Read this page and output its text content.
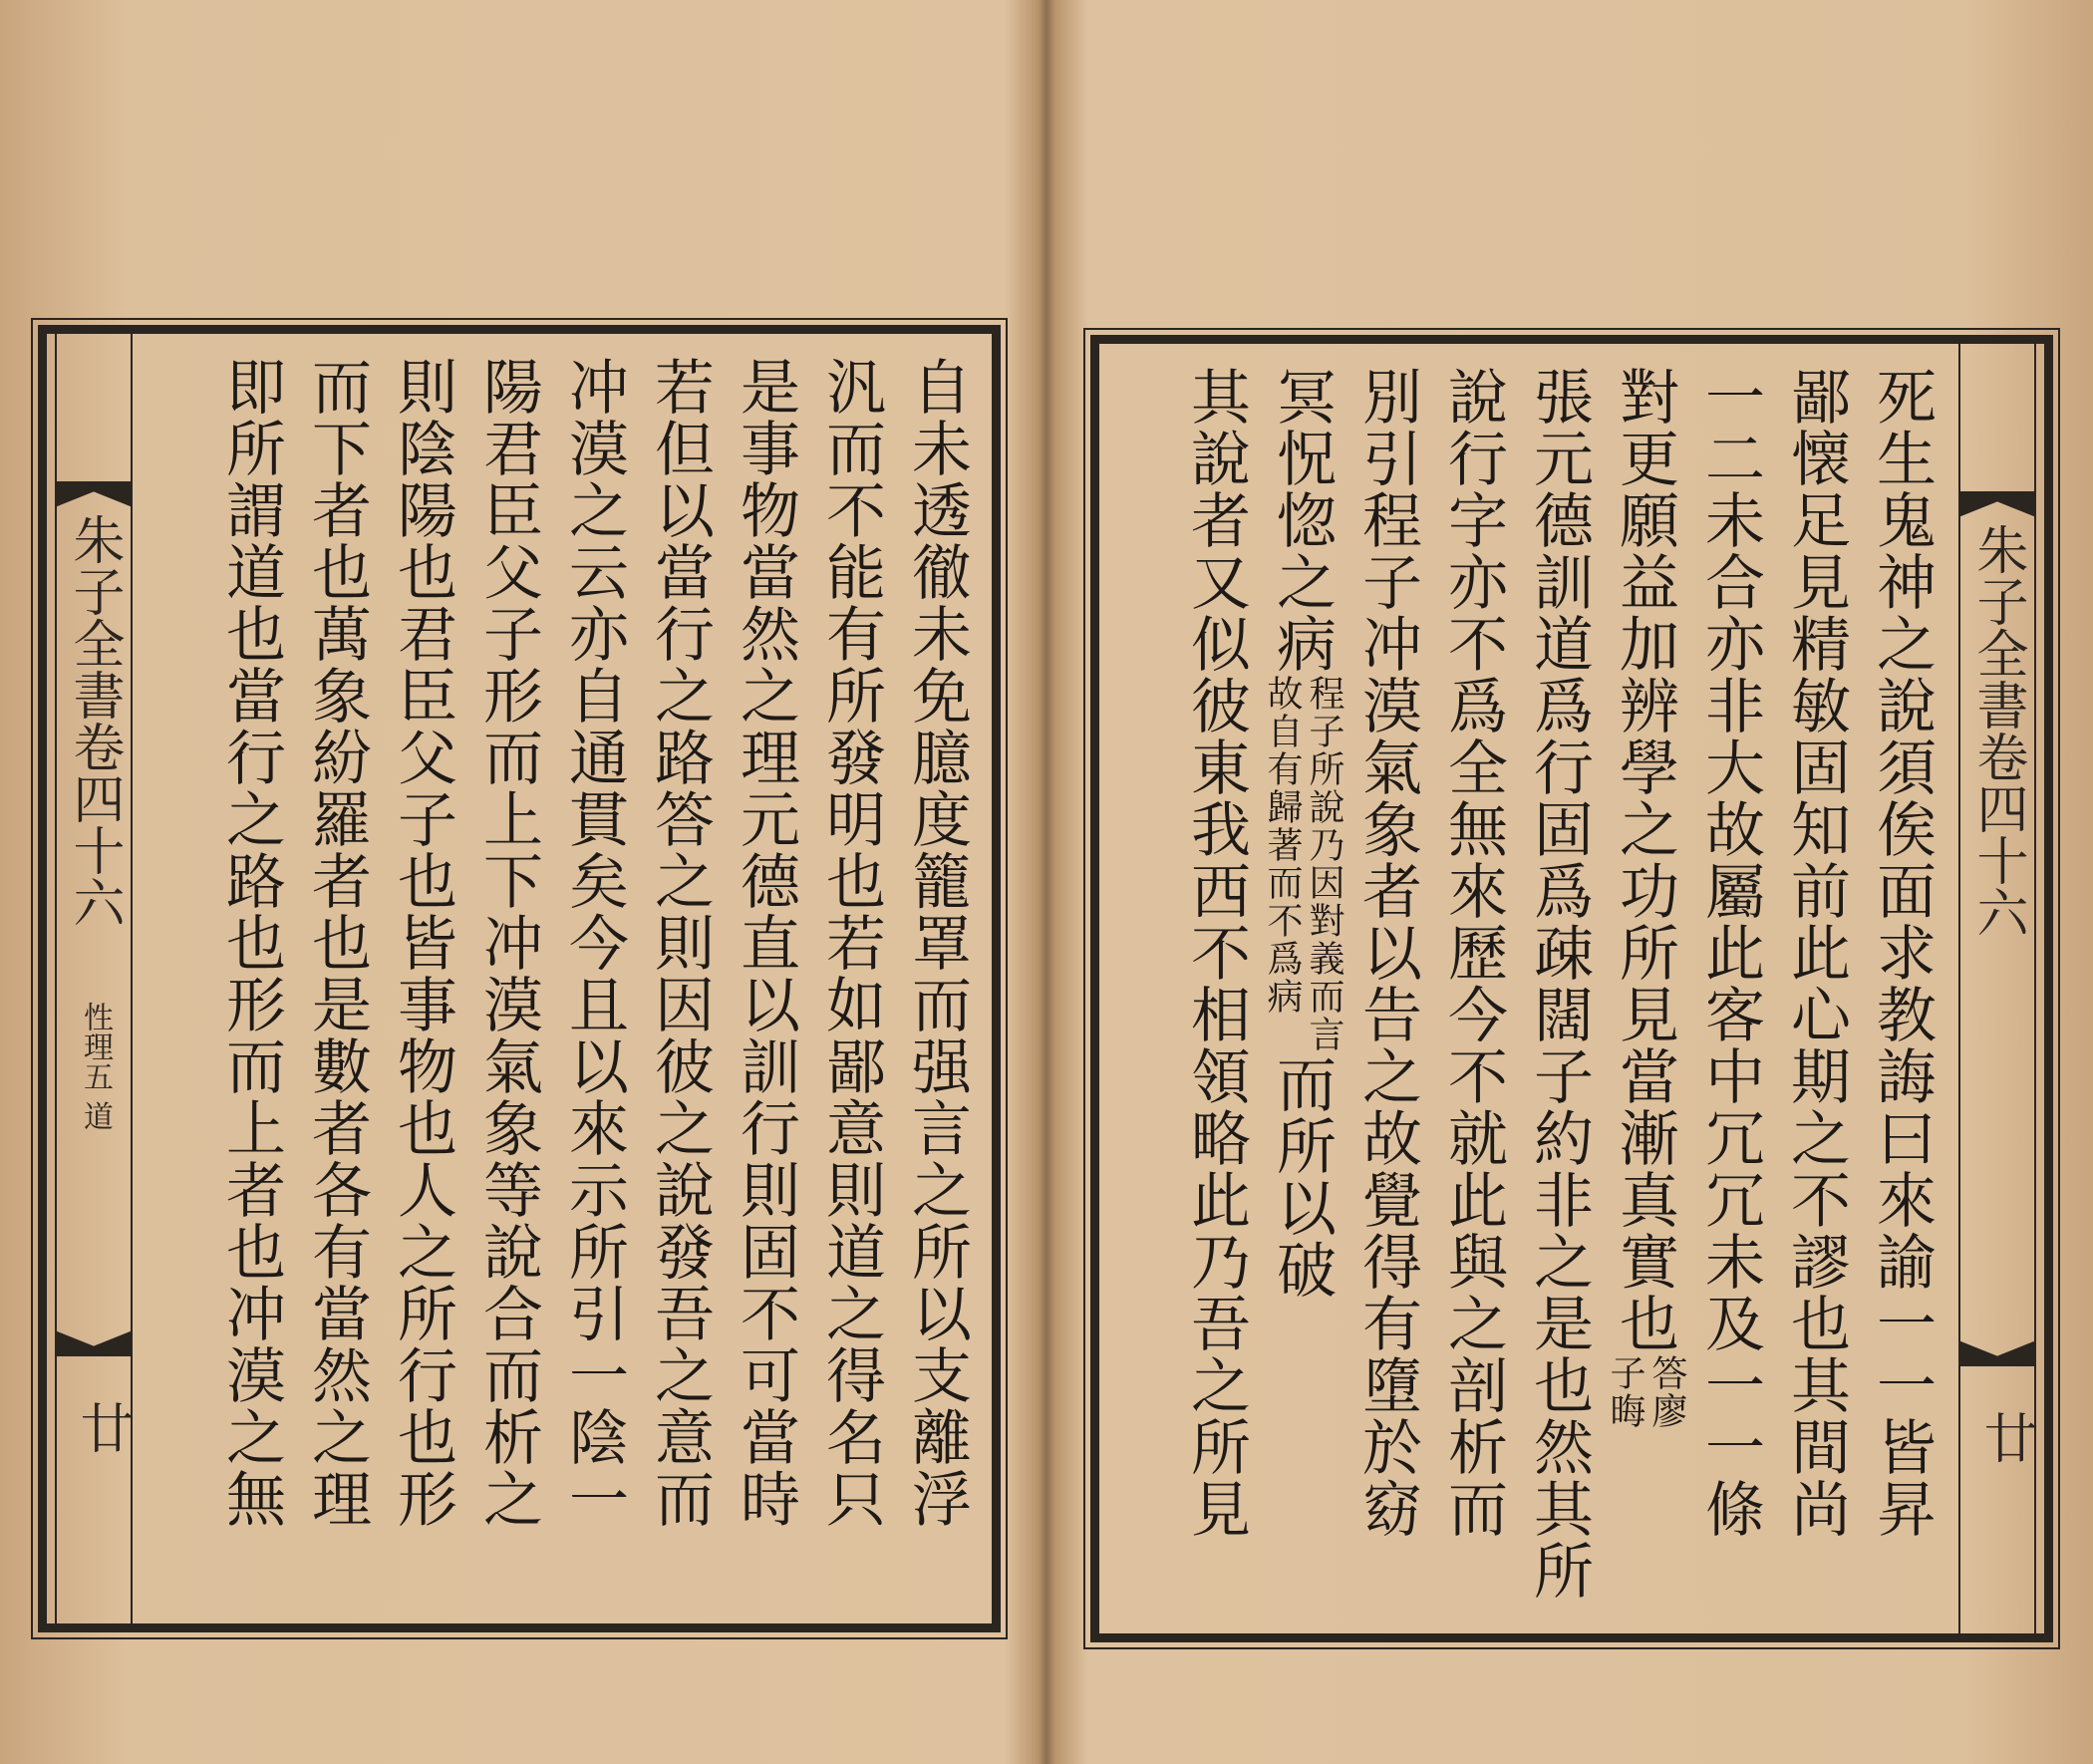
朱子全書卷四十六
性理五 道
廿	自未透徹未免臆度籠罩而强言之所以支離浮
汎而不能有所發明也若如鄙意則道之得名只
是事物當然之理元德直以訓行則固不可當時
若但以當行之路答之則因彼之說發吾之意而
冲漠之云亦自通貫矣今且以來示所引一陰一
陽君臣父子形而上下冲漠氣象等說合而析之
則陰陽也君臣父子也皆事物也人之所行也形
而下者也萬象紛羅者也是數者各有當然之理
即所謂道也當行之路也形而上者也冲漠之無	朱子全書卷四十六
廿
死生鬼神之說須俟面求教誨曰來諭一一皆昇
鄙懐足見精敏固知前此心期之不謬也其間尚
一二未合亦非大故屬此客中冗冗未及一一條
對更願益加辨學之功所見當漸真實也
答廖
子晦
張元德訓道爲行固爲疎闊子約非之是也然其所
說行字亦不爲全無來歷今不就此與之剖析而
別引程子冲漠氣象者以告之故覺得有墮於窈
冥怳惚之病
程子所說乃因對義而言
故自有歸著而不爲病
而所以破
其說者又似彼東我西不相領略此乃吾之所見
